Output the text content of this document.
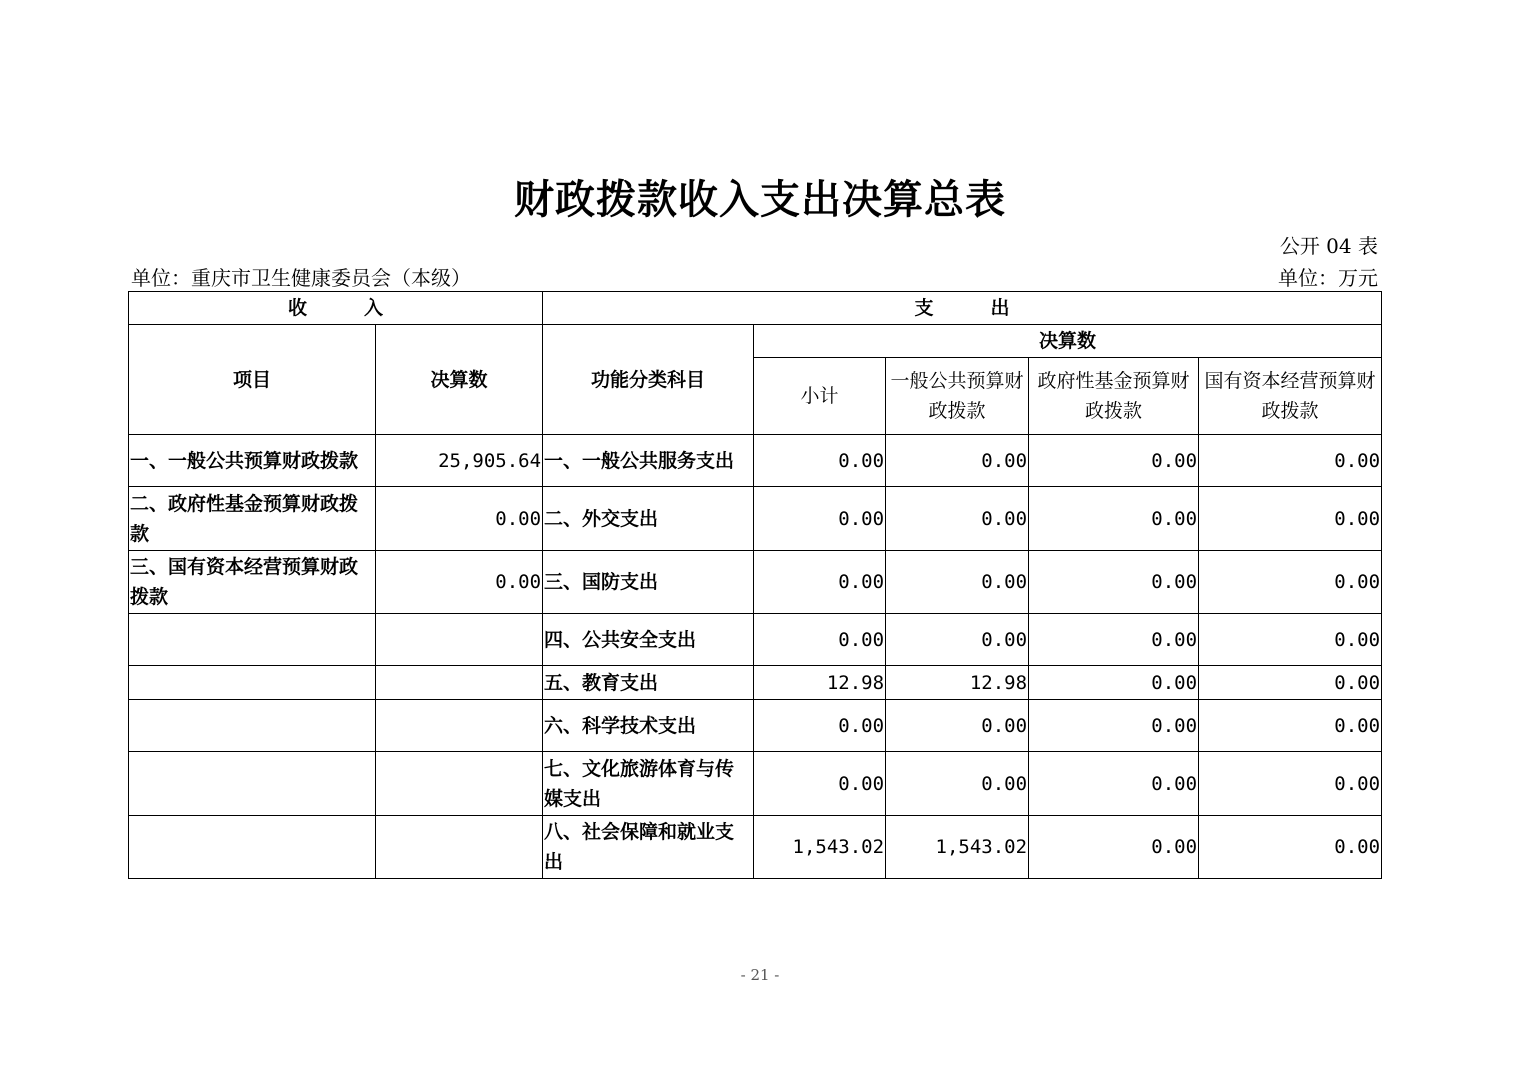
财政拨款收入支出决算总表
公开 04 表
单位：重庆市卫生健康委员会（本级）	单位：万元
收　　　入		支　　　出				
项目	决算数	功能分类科目	决算数			
			小计	一般公共预算财政拨款	政府性基金预算财政拨款	国有资本经营预算财政拨款
一、一般公共预算财政拨款	25,905.64	一、一般公共服务支出	0.00	0.00	0.00	0.00
二、政府性基金预算财政拨款	0.00	二、外交支出	0.00	0.00	0.00	0.00
三、国有资本经营预算财政拨款	0.00	三、国防支出	0.00	0.00	0.00	0.00
		四、公共安全支出	0.00	0.00	0.00	0.00
		五、教育支出	12.98	12.98	0.00	0.00
		六、科学技术支出	0.00	0.00	0.00	0.00
		七、文化旅游体育与传媒支出	0.00	0.00	0.00	0.00
		八、社会保障和就业支出	1,543.02	1,543.02	0.00	0.00
- 21 -
